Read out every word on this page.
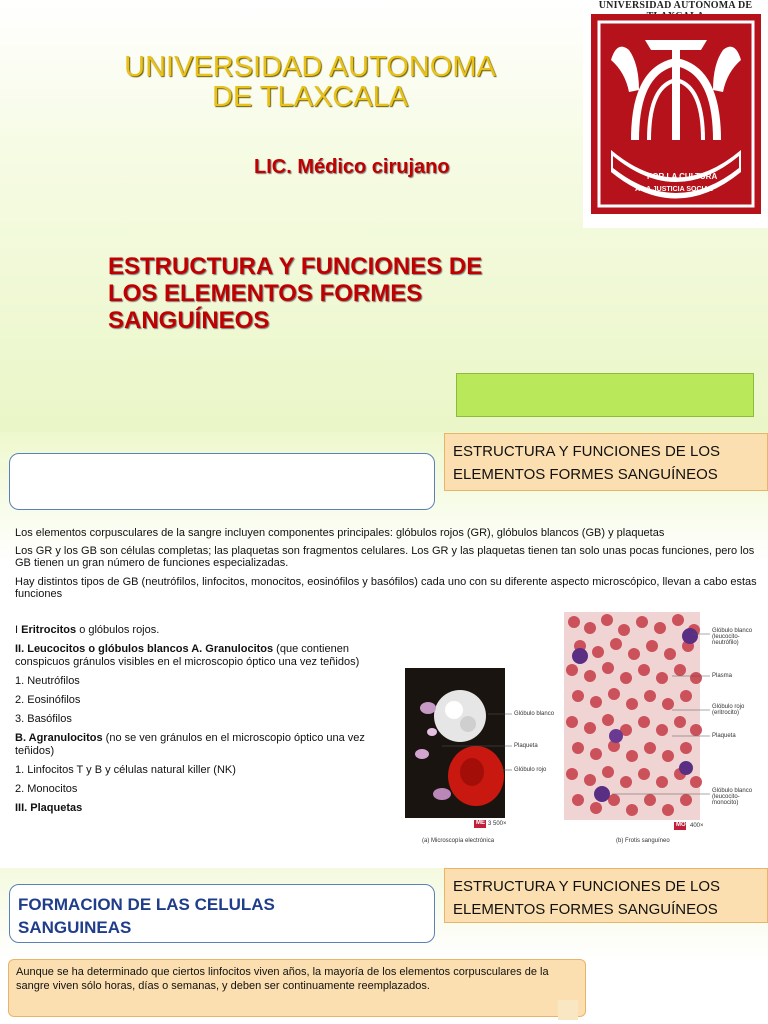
UNIVERSIDAD AUTONOMA
DE TLAXCALA
LIC. Médico cirujano
ESTRUCTURA Y FUNCIONES DE
LOS ELEMENTOS FORMES
SANGUÍNEOS
UNIVERSIDAD AUTÓNOMA DE
POR LA CULTURA
A LA JUSTICIA SOCIAL
ESTRUCTURA Y FUNCIONES DE LOS
ELEMENTOS FORMES SANGUÍNEOS
Los elementos corpusculares de la sangre incluyen componentes principales: glóbulos rojos (GR), glóbulos blancos (GB) y plaquetas
Los GR y los GB son células completas; las plaquetas son fragmentos celulares. Los GR y las plaquetas tienen tan solo unas pocas funciones, pero los GB tienen un gran número de funciones especializadas.
Hay distintos tipos de GB (neutrófilos, linfocitos, monocitos, eosinófilos y basófilos) cada uno con su diferente aspecto microscópico, llevan a cabo estas funciones
I Eritrocitos o glóbulos rojos.
II. Leucocitos o glóbulos blancos A. Granulocitos (que contienen conspicuos gránulos visibles en el microscopio óptico una vez teñidos)
1. Neutrófilos
2. Eosinófilos
3. Basófilos
B. Agranulocitos (no se ven gránulos en el microscopio óptico una vez teñidos)
1. Linfocitos T y B y células natural killer (NK)
2. Monocitos
III. Plaquetas
Glóbulo blanco
Plaqueta
Glóbulo rojo
ME 3 500×
(a) Microscopía electrónica
Glóbulo blanco (leucocito-neutrófilo)
Plasma
Glóbulo rojo (eritrocito)
Plaqueta
Glóbulo blanco (leucocito-monocito)
MO 400×
(b) Frotis sanguíneo
ESTRUCTURA Y FUNCIONES DE LOS
ELEMENTOS FORMES SANGUÍNEOS
FORMACION DE LAS CELULAS
SANGUINEAS
Aunque se ha determinado que ciertos linfocitos viven años, la mayoría de los elementos corpusculares de la sangre viven sólo horas, días o semanas, y deben ser continuamente reemplazados.
